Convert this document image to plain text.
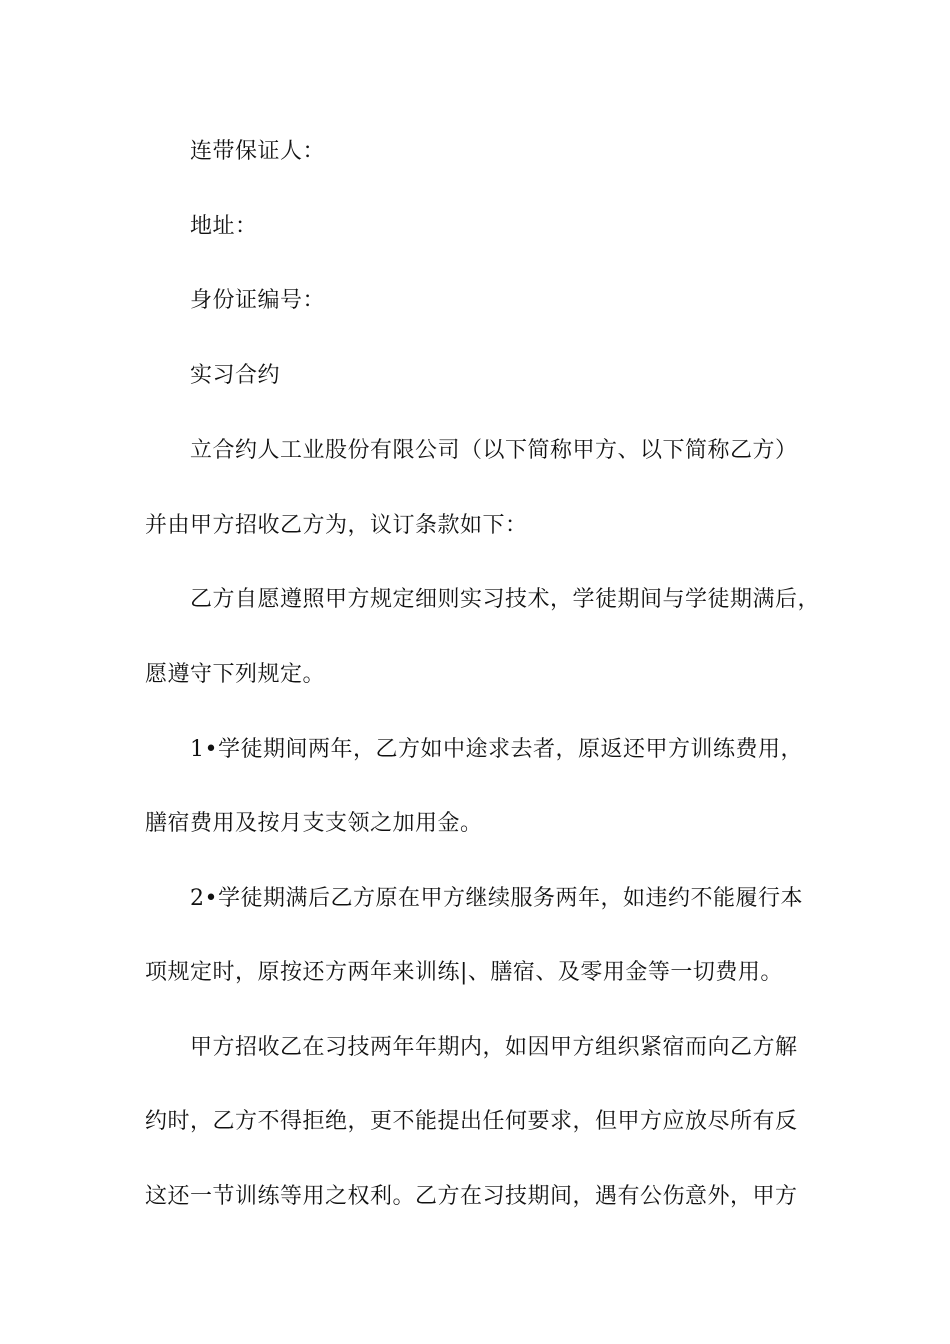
连带保证人：
地址：
身份证编号：
实习合约
立合约人工业股份有限公司（以下简称甲方、以下简称乙方）
并由甲方招收乙方为，议订条款如下：
乙方自愿遵照甲方规定细则实习技术，学徒期间与学徒期满后，
愿遵守下列规定。
1•学徒期间两年，乙方如中途求去者，原返还甲方训练费用，
膳宿费用及按月支支领之加用金。
2•学徒期满后乙方原在甲方继续服务两年，如违约不能履行本
项规定时，原按还方两年来训练|、膳宿、及零用金等一切费用。
甲方招收乙在习技两年年期内，如因甲方组织紧宿而向乙方解
约时，乙方不得拒绝，更不能提出任何要求，但甲方应放尽所有反
这还一节训练等用之权利。乙方在习技期间，遇有公伤意外，甲方
